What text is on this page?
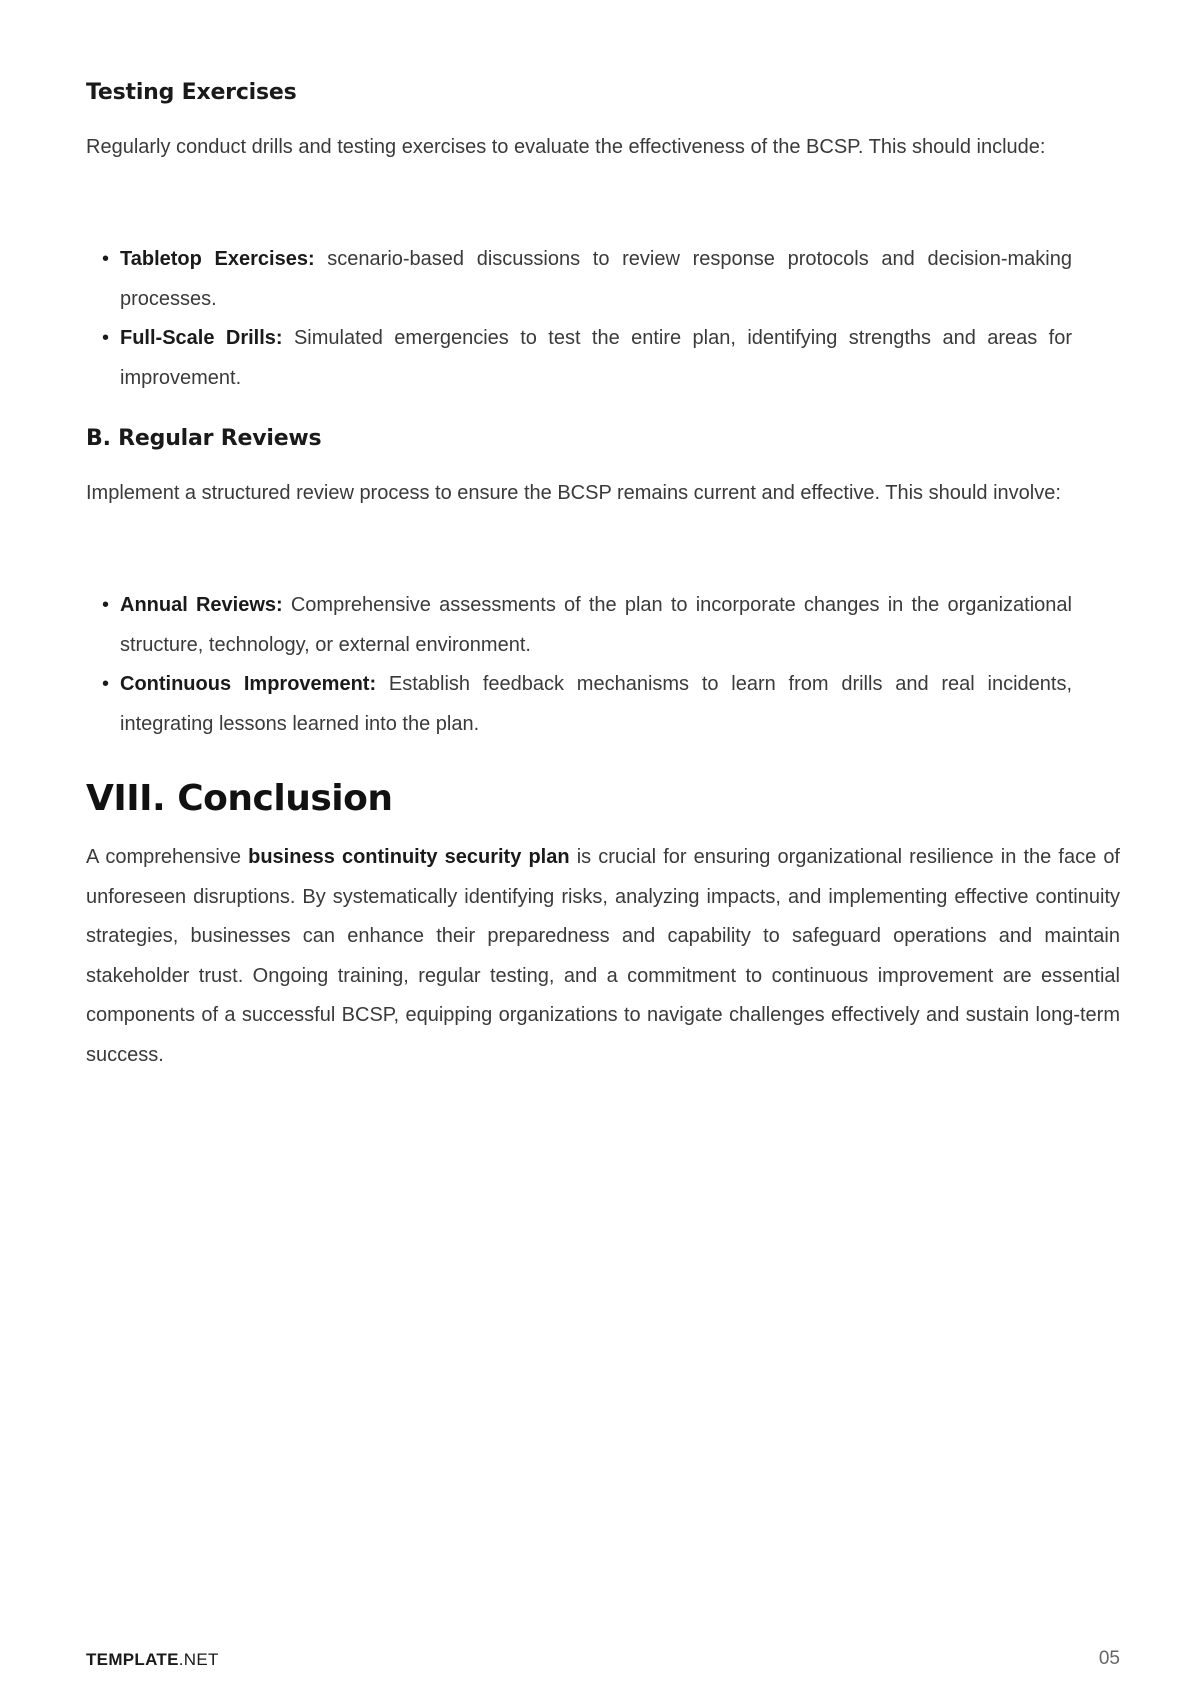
Testing Exercises

Regularly conduct drills and testing exercises to evaluate the effectiveness of the BCSP. This should include:

• Tabletop Exercises: scenario-based discussions to review response protocols and decision-making processes.
• Full-Scale Drills: Simulated emergencies to test the entire plan, identifying strengths and areas for improvement.
B. Regular Reviews

Implement a structured review process to ensure the BCSP remains current and effective. This should involve:

• Annual Reviews: Comprehensive assessments of the plan to incorporate changes in the organizational structure, technology, or external environment.
• Continuous Improvement: Establish feedback mechanisms to learn from drills and real incidents, integrating lessons learned into the plan.
VIII. Conclusion

A comprehensive business continuity security plan is crucial for ensuring organizational resilience in the face of unforeseen disruptions. By systematically identifying risks, analyzing impacts, and implementing effective continuity strategies, businesses can enhance their preparedness and capability to safeguard operations and maintain stakeholder trust. Ongoing training, regular testing, and a commitment to continuous improvement are essential components of a successful BCSP, equipping organizations to navigate challenges effectively and sustain long-term success.

TEMPLATE.NET	05
